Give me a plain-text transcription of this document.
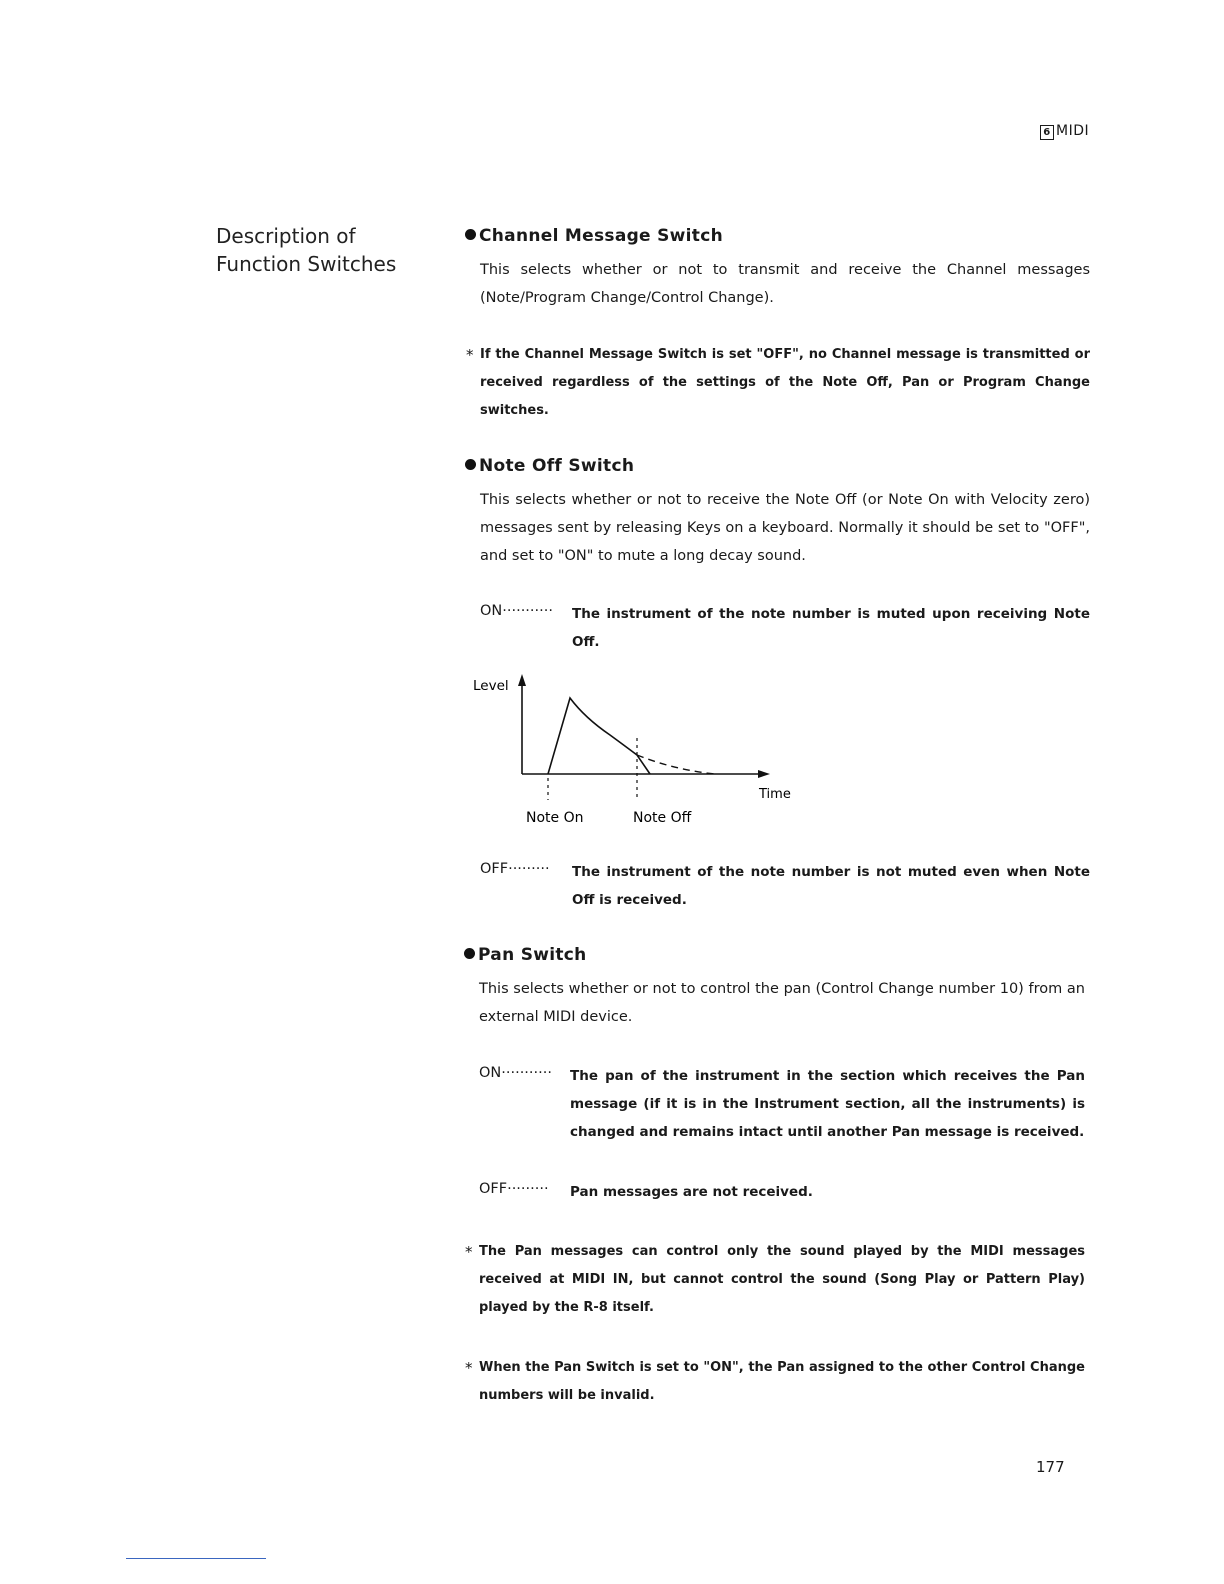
6 MIDI
Description of
Function Switches
Channel Message Switch
This selects whether or not to transmit and receive the Channel messages (Note/Program Change/Control Change).
* If the Channel Message Switch is set "OFF", no Channel message is transmitted or received regardless of the settings of the Note Off, Pan or Program Change switches.
Note Off Switch
This selects whether or not to receive the Note Off (or Note On with Velocity zero) messages sent by releasing Keys on a keyboard. Normally it should be set to "OFF", and set to "ON" to mute a long decay sound.
ON···········	The instrument of the note number is muted upon receiving Note Off.
Level
Time
Note On	Note Off
OFF·········	The instrument of the note number is not muted even when Note Off is received.
Pan Switch
This selects whether or not to control the pan (Control Change number 10) from an external MIDI device.
ON···········	The pan of the instrument in the section which receives the Pan message (if it is in the Instrument section, all the instruments) is changed and remains intact until another Pan message is received.
OFF·········	Pan messages are not received.
* The Pan messages can control only the sound played by the MIDI messages received at MIDI IN, but cannot control the sound (Song Play or Pattern Play) played by the R-8 itself.
* When the Pan Switch is set to "ON", the Pan assigned to the other Control Change numbers will be invalid.
177
